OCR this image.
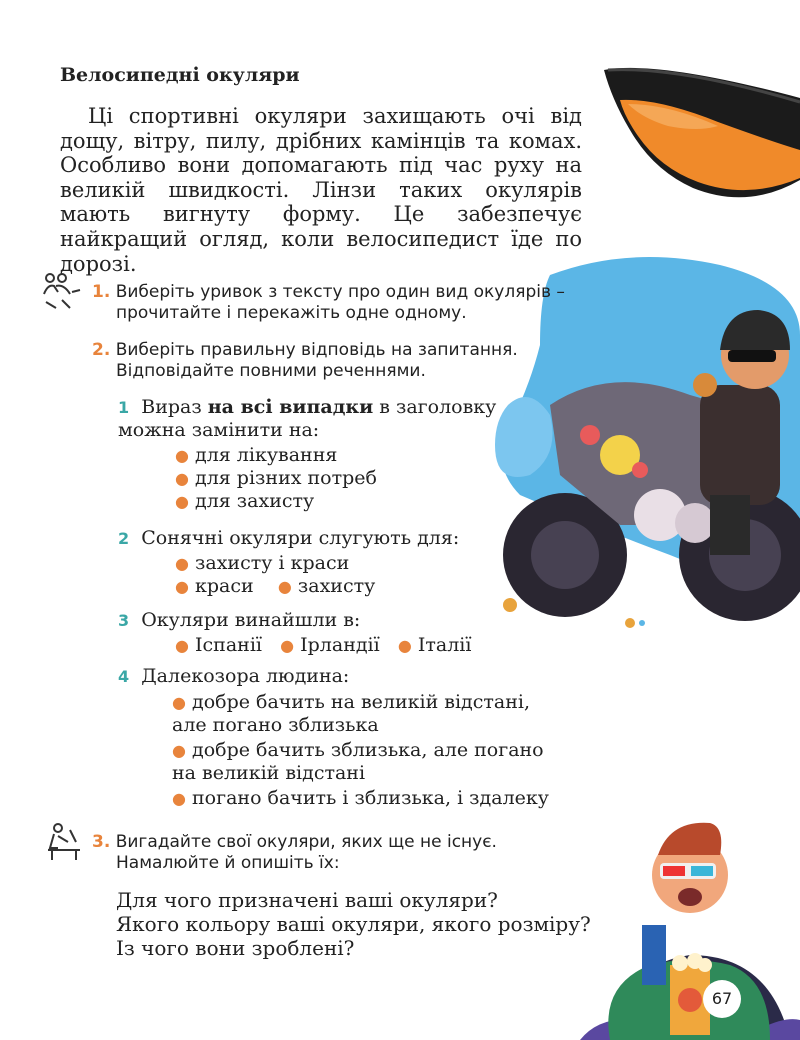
Велосипедні окуляри

Ці спортивні окуляри захищають очі від дощу, вітру, пилу, дрібних камінців та комах. Особливо вони допомагають під час руху на великій швидкості. Лінзи таких окулярів мають вигнуту форму. Це забезпечує найкращий огляд, коли велосипедист їде по дорозі.

1. Виберіть уривок з тексту про один вид окулярів –
прочитайте і перекажіть одне одному.
2. Виберіть правильну відповідь на запитання.
Відповідайте повними реченнями.
1 Вираз на всі випадки в заголовку
можна замінити на:
● для лікування
● для різних потреб
● для захисту
2 Сонячні окуляри слугують для:
● захисту і краси
● краси ● захисту
3 Окуляри винайшли в:
● Іспанії ● Ірландії ● Італії
4 Далекозора людина:
● добре бачить на великій відстані,
але погано зблизька
● добре бачить зблизька, але погано
на великій відстані
● погано бачить і зблизька, і здалеку
3. Вигадайте свої окуляри, яких ще не існує.
Намалюйте й опишіть їх:
Для чого призначені ваші окуляри?
Якого кольору ваші окуляри, якого розміру?
Із чого вони зроблені?
67
